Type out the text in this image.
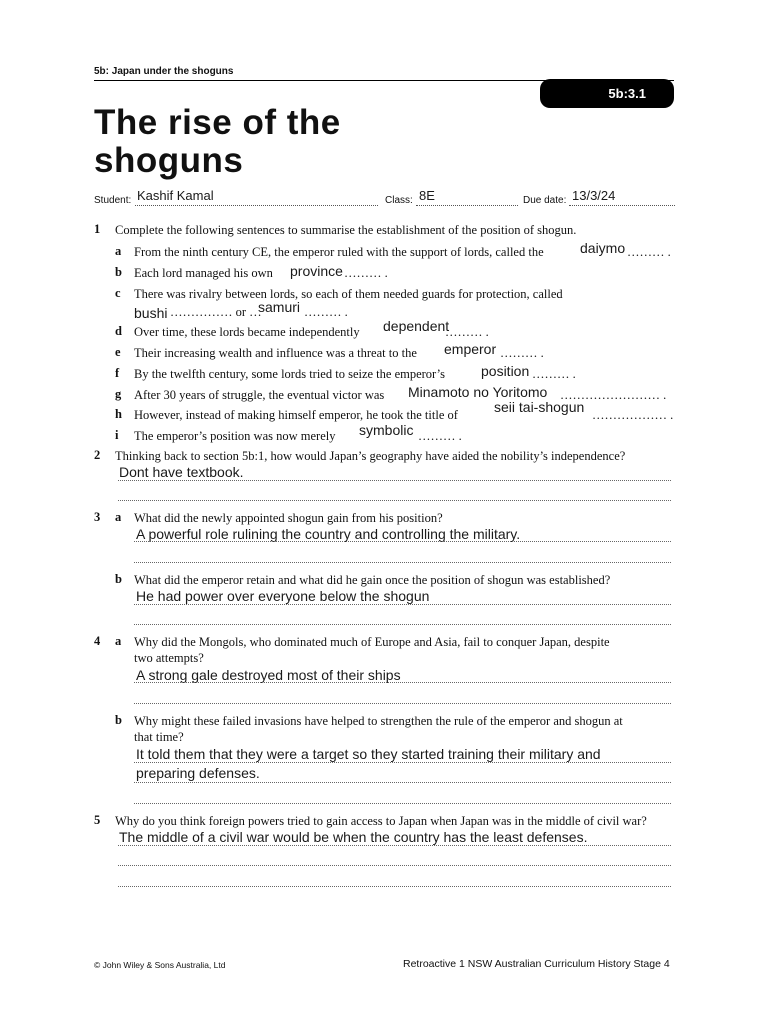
5b: Japan under the shoguns
5b:3.1
The rise of the
shoguns
Student: Kashif Kamal	Class: 8E	Due date: 13/3/24
1 Complete the following sentences to summarise the establishment of the position of shogun.
a From the ninth century CE, the emperor ruled with the support of lords, called the	daiymo ……… .
b Each lord managed his own province ……… .
c There was rivalry between lords, so each of them needed guards for protection, called
bushi …………… or …
samuri ……… .
d Over time, these lords became independently dependent
……… .
e Their increasing wealth and influence was a threat to the emperor ……… .
f By the twelfth century, some lords tried to seize the emperor’s	position ……… .
g After 30 years of struggle, the eventual victor was Minamoto no Yoritomo …………………… .
h However, instead of making himself emperor, he took the title of	seii tai-shogun ……………… .
i The emperor’s position was now merely symbolic ……… .
2 Thinking back to section 5b:1, how would Japan’s geography have aided the nobility’s independence?
Dont have textbook.
3 a What did the newly appointed shogun gain from his position?
A powerful role rulining the country and controlling the military.
b What did the emperor retain and what did he gain once the position of shogun was established?
He had power over everyone below the shogun
4 a Why did the Mongols, who dominated much of Europe and Asia, fail to conquer Japan, despite
two attempts?
A strong gale destroyed most of their ships
b Why might these failed invasions have helped to strengthen the rule of the emperor and shogun at
that time?
It told them that they were a target so they started training their military and
preparing defenses.
5 Why do you think foreign powers tried to gain access to Japan when Japan was in the middle of civil war?
The middle of a civil war would be when the country has the least defenses.
© John Wiley & Sons Australia, Ltd	Retroactive 1 NSW Australian Curriculum History Stage 4
